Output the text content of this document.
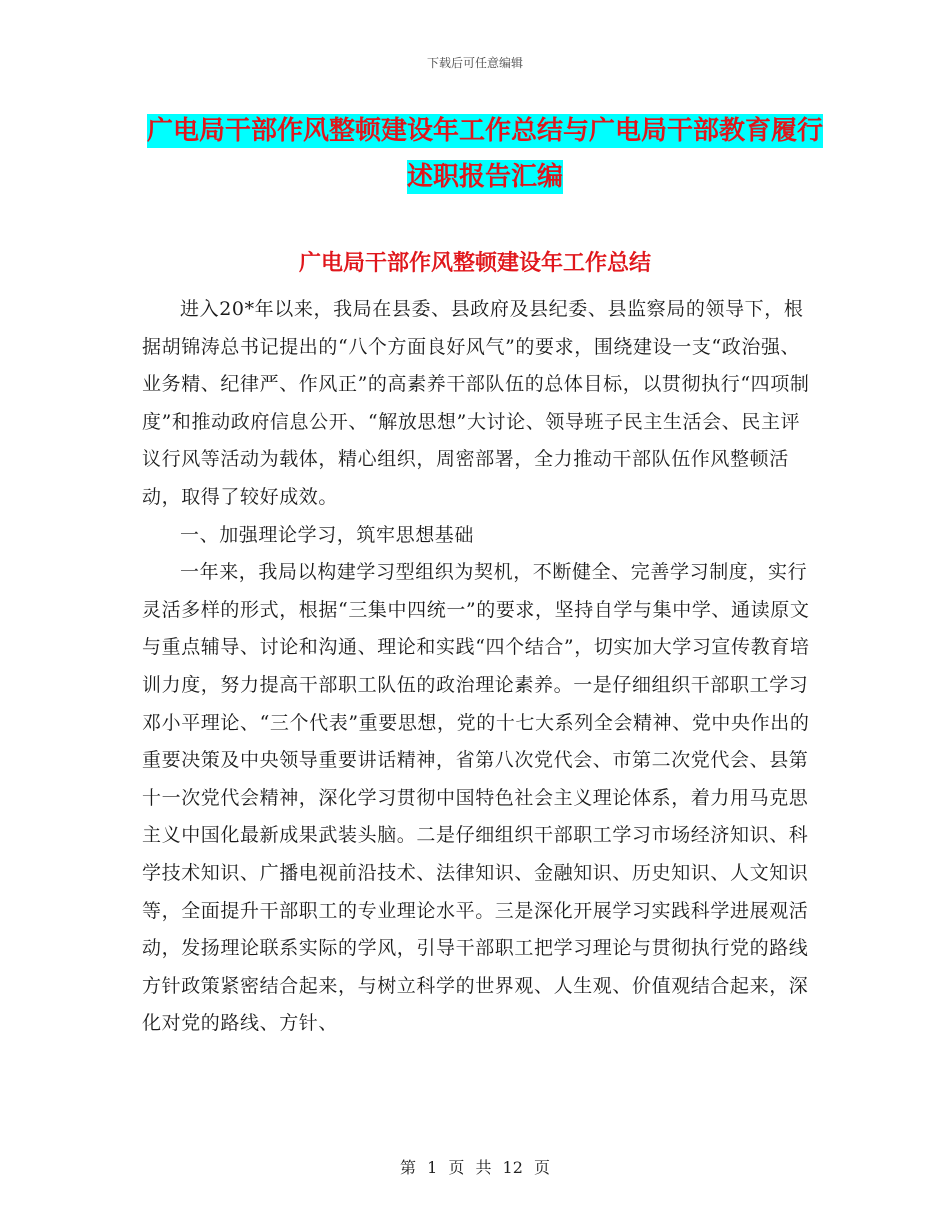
下载后可任意编辑
广电局干部作风整顿建设年工作总结与广电局干部教育履行述职报告汇编
广电局干部作风整顿建设年工作总结

进入20*年以来，我局在县委、县政府及县纪委、县监察局的领导下，根据胡锦涛总书记提出的“八个方面良好风气”的要求，围绕建设一支“政治强、业务精、纪律严、作风正”的高素养干部队伍的总体目标，以贯彻执行“四项制度”和推动政府信息公开、“解放思想”大讨论、领导班子民主生活会、民主评议行风等活动为载体，精心组织，周密部署，全力推动干部队伍作风整顿活动，取得了较好成效。

一、加强理论学习，筑牢思想基础

一年来，我局以构建学习型组织为契机，不断健全、完善学习制度，实行灵活多样的形式，根据“三集中四统一”的要求，坚持自学与集中学、通读原文与重点辅导、讨论和沟通、理论和实践“四个结合”，切实加大学习宣传教育培训力度，努力提高干部职工队伍的政治理论素养。一是仔细组织干部职工学习邓小平理论、“三个代表”重要思想，党的十七大系列全会精神、党中央作出的重要决策及中央领导重要讲话精神，省第八次党代会、市第二次党代会、县第十一次党代会精神，深化学习贯彻中国特色社会主义理论体系，着力用马克思主义中国化最新成果武装头脑。二是仔细组织干部职工学习市场经济知识、科学技术知识、广播电视前沿技术、法律知识、金融知识、历史知识、人文知识等，全面提升干部职工的专业理论水平。三是深化开展学习实践科学进展观活动，发扬理论联系实际的学风，引导干部职工把学习理论与贯彻执行党的路线方针政策紧密结合起来，与树立科学的世界观、人生观、价值观结合起来，深化对党的路线、方针、

第 1 页 共 12 页
